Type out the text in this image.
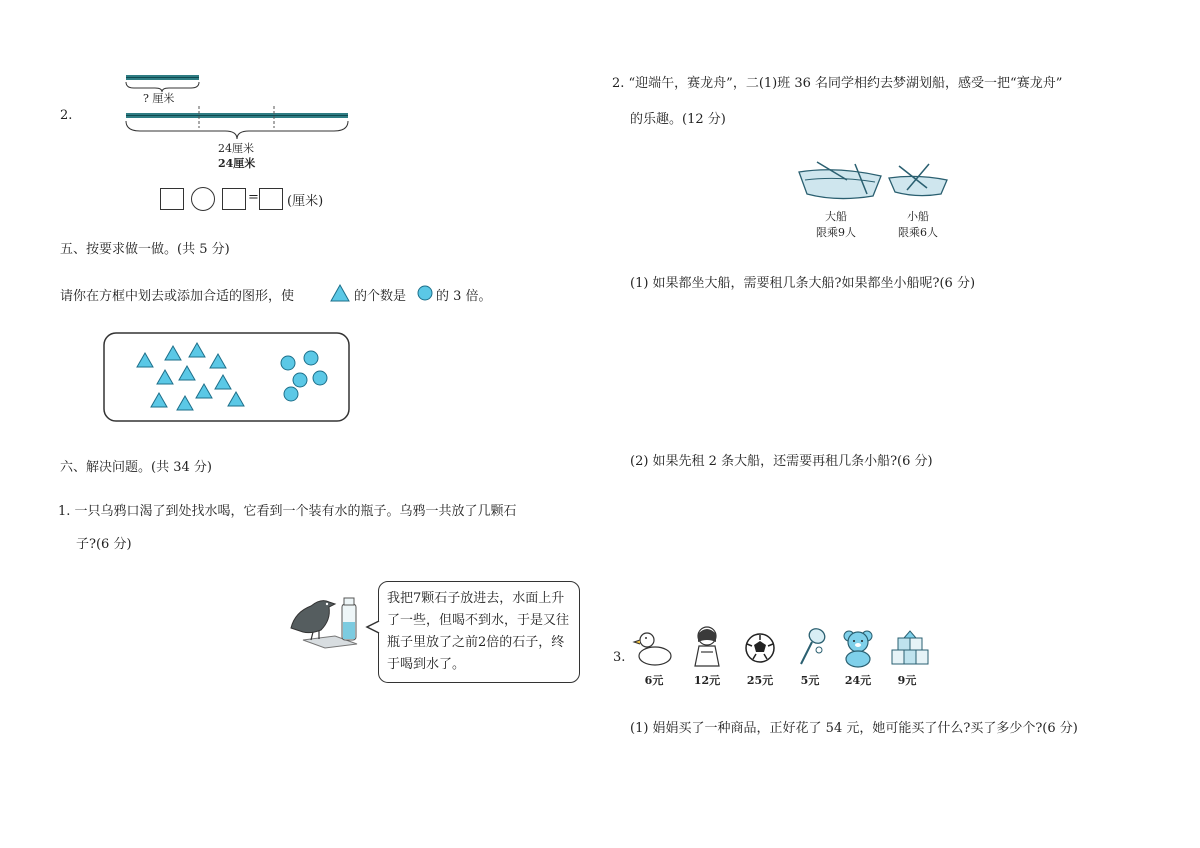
2.
? 厘米
24厘米
24厘米
= (厘米)
五、按要求做一做。(共 5 分)
请你在方框中划去或添加合适的图形，使	的个数是 的 3 倍。
六、解决问题。(共 34 分)
1. 一只乌鸦口渴了到处找水喝，它看到一个装有水的瓶子。乌鸦一共放了几颗石
子?(6 分)
我把7颗石子放进去，水面上升了一些，但喝不到水，于是又往瓶子里放了之前2倍的石子，终于喝到水了。
2. “迎端午，赛龙舟”，二(1)班 36 名同学相约去梦湖划船，感受一把“赛龙舟”
的乐趣。(12 分)
大船
限乘9人
小船
限乘6人
(1) 如果都坐大船，需要租几条大船?如果都坐小船呢?(6 分)
(2) 如果先租 2 条大船，还需要再租几条小船?(6 分)
3.
6元	12元	25元	5元	24元	9元
(1) 娟娟买了一种商品，正好花了 54 元，她可能买了什么?买了多少个?(6 分)
